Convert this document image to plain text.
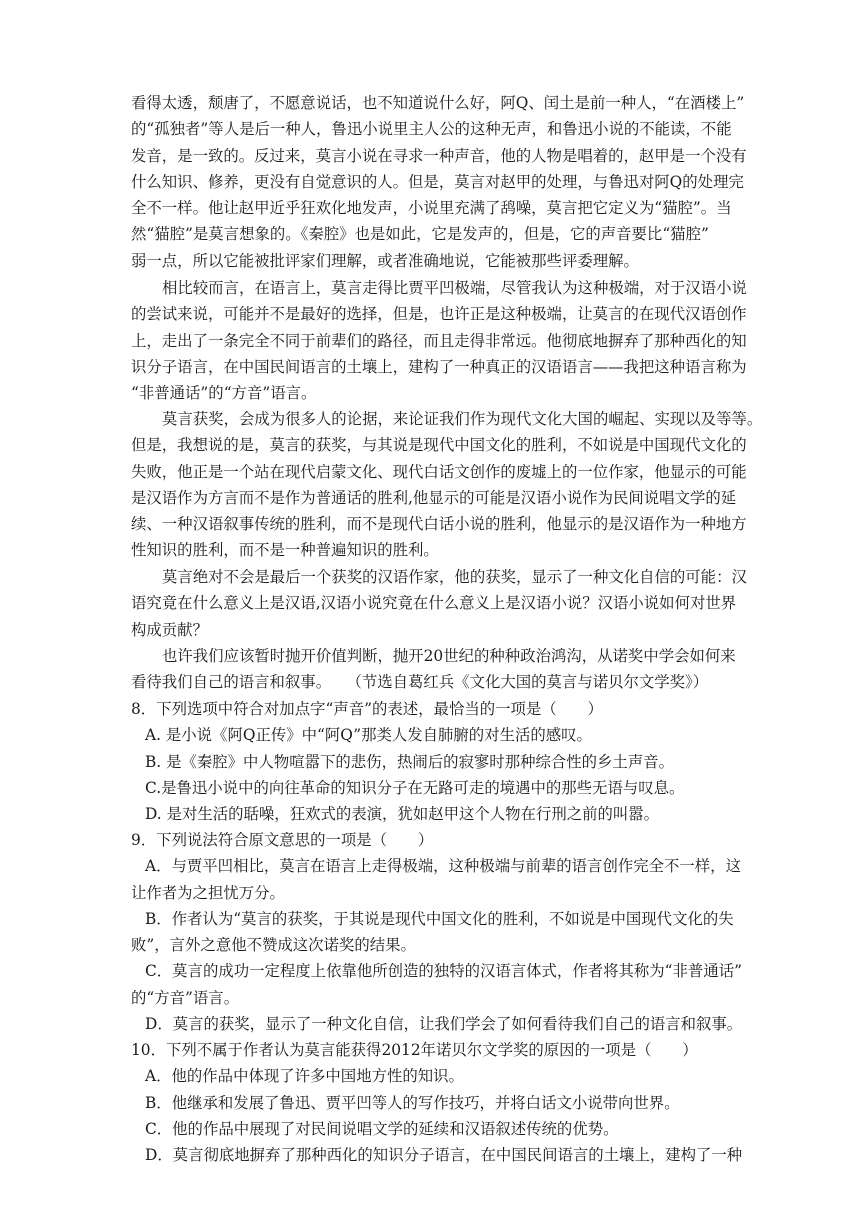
看得太透，颓唐了，不愿意说话，也不知道说什么好，阿Q、闰土是前一种人，“在酒楼上”
的“孤独者”等人是后一种人，鲁迅小说里主人公的这种无声，和鲁迅小说的不能读，不能
发音，是一致的。反过来，莫言小说在寻求一种声音，他的人物是唱着的，赵甲是一个没有
什么知识、修养，更没有自觉意识的人。但是，莫言对赵甲的处理，与鲁迅对阿Q的处理完
全不一样。他让赵甲近乎狂欢化地发声，小说里充满了鸹噪，莫言把它定义为“猫腔”。当
然“猫腔”是莫言想象的。《秦腔》也是如此，它是发声的，但是，它的声音要比“猫腔”
弱一点，所以它能被批评家们理解，或者准确地说，它能被那些评委理解。
相比较而言，在语言上，莫言走得比贾平凹极端，尽管我认为这种极端，对于汉语小说
的尝试来说，可能并不是最好的选择，但是，也许正是这种极端，让莫言的在现代汉语创作
上，走出了一条完全不同于前辈们的路径，而且走得非常远。他彻底地摒弃了那种西化的知
识分子语言，在中国民间语言的土壤上，建构了一种真正的汉语语言——我把这种语言称为
“非普通话”的“方音”语言。
莫言获奖，会成为很多人的论据，来论证我们作为现代文化大国的崛起、实现以及等等。
但是，我想说的是，莫言的获奖，与其说是现代中国文化的胜利，不如说是中国现代文化的
失败，他正是一个站在现代启蒙文化、现代白话文创作的废墟上的一位作家，他显示的可能
是汉语作为方言而不是作为普通话的胜利,他显示的可能是汉语小说作为民间说唱文学的延
续、一种汉语叙事传统的胜利，而不是现代白话小说的胜利，他显示的是汉语作为一种地方
性知识的胜利，而不是一种普遍知识的胜利。
莫言绝对不会是最后一个获奖的汉语作家，他的获奖，显示了一种文化自信的可能：汉
语究竟在什么意义上是汉语,汉语小说究竟在什么意义上是汉语小说？汉语小说如何对世界
构成贡献？
也许我们应该暂时抛开价值判断，抛开20世纪的种种政治鸿沟，从诺奖中学会如何来
看待我们自己的语言和叙事。　　（节选自葛红兵《文化大国的莫言与诺贝尔文学奖》）
8．下列选项中符合对加点字“声音”的表述，最恰当的一项是（　　）
A. 是小说《阿Q正传》中“阿Q”那类人发自肺腑的对生活的感叹。
B. 是《秦腔》中人物喧嚣下的悲伤，热闹后的寂寥时那种综合性的乡土声音。
C.是鲁迅小说中的向往革命的知识分子在无路可走的境遇中的那些无语与叹息。
D. 是对生活的聒噪，狂欢式的表演，犹如赵甲这个人物在行刑之前的叫嚣。
9．下列说法符合原文意思的一项是（　　）
A．与贾平凹相比，莫言在语言上走得极端，这种极端与前辈的语言创作完全不一样，这
让作者为之担忧万分。
B．作者认为“莫言的获奖，于其说是现代中国文化的胜利，不如说是中国现代文化的失
败”，言外之意他不赞成这次诺奖的结果。
C．莫言的成功一定程度上依靠他所创造的独特的汉语言体式，作者将其称为“非普通话”
的“方音”语言。
D．莫言的获奖，显示了一种文化自信，让我们学会了如何看待我们自己的语言和叙事。
10．下列不属于作者认为莫言能获得2012年诺贝尔文学奖的原因的一项是（　　）
A．他的作品中体现了许多中国地方性的知识。
B．他继承和发展了鲁迅、贾平凹等人的写作技巧，并将白话文小说带向世界。
C．他的作品中展现了对民间说唱文学的延续和汉语叙述传统的优势。
D．莫言彻底地摒弃了那种西化的知识分子语言，在中国民间语言的土壤上，建构了一种
